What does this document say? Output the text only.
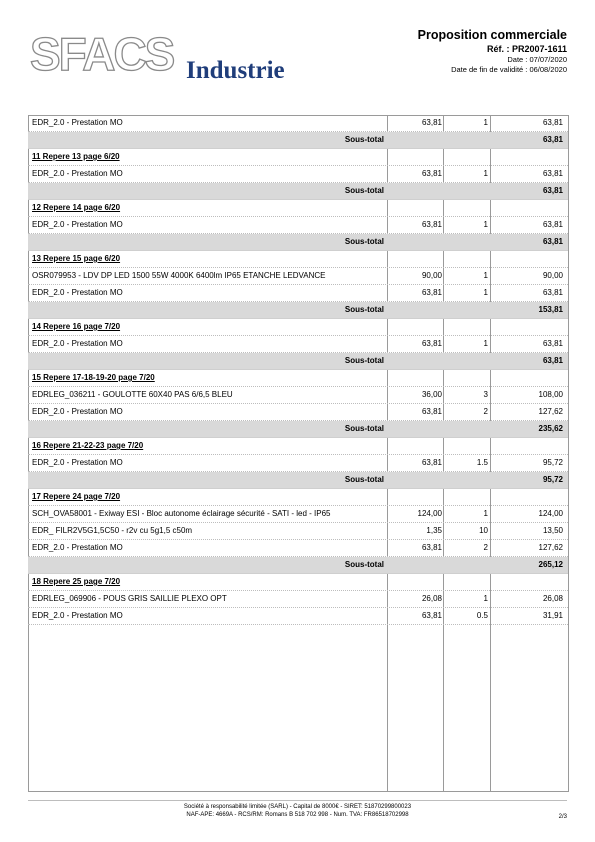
SFACS Industrie
Proposition commerciale
Réf. : PR2007-1611
Date : 07/07/2020
Date de fin de validité : 06/08/2020
EDR_2.0 - Prestation MO	63,81	1	63,81
Sous-total	63,81
11 Repere 13 page 6/20
EDR_2.0 - Prestation MO	63,81	1	63,81
Sous-total	63,81
12 Repere 14 page 6/20
EDR_2.0 - Prestation MO	63,81	1	63,81
Sous-total	63,81
13 Repere 15 page 6/20
OSR079953 - LDV DP LED 1500 55W 4000K 6400lm IP65 ETANCHE LEDVANCE	90,00	1	90,00
EDR_2.0 - Prestation MO	63,81	1	63,81
Sous-total	153,81
14 Repere 16 page 7/20
EDR_2.0 - Prestation MO	63,81	1	63,81
Sous-total	63,81
15 Repere 17-18-19-20 page 7/20
EDRLEG_036211 - GOULOTTE 60X40 PAS 6/6,5 BLEU	36,00	3	108,00
EDR_2.0 - Prestation MO	63,81	2	127,62
Sous-total	235,62
16 Repere 21-22-23 page 7/20
EDR_2.0 - Prestation MO	63,81	1.5	95,72
Sous-total	95,72
17 Repere 24 page 7/20
SCH_OVA58001 - Exiway ESI - Bloc autonome éclairage sécurité - SATI - led - IP65	124,00	1	124,00
EDR_ FILR2V5G1,5C50 - r2v cu 5g1,5 c50m	1,35	10	13,50
EDR_2.0 - Prestation MO	63,81	2	127,62
Sous-total	265,12
18 Repere 25 page 7/20
EDRLEG_069906 - POUS GRIS SAILLIE PLEXO OPT	26,08	1	26,08
EDR_2.0 - Prestation MO	63,81	0.5	31,91
Société à responsabilité limitée (SARL) - Capital de 8000€ - SIRET: 51870299800023
NAF-APE: 4669A - RCS/RM: Romans B 518 702 998 - Num. TVA: FR86518702998	2/3
